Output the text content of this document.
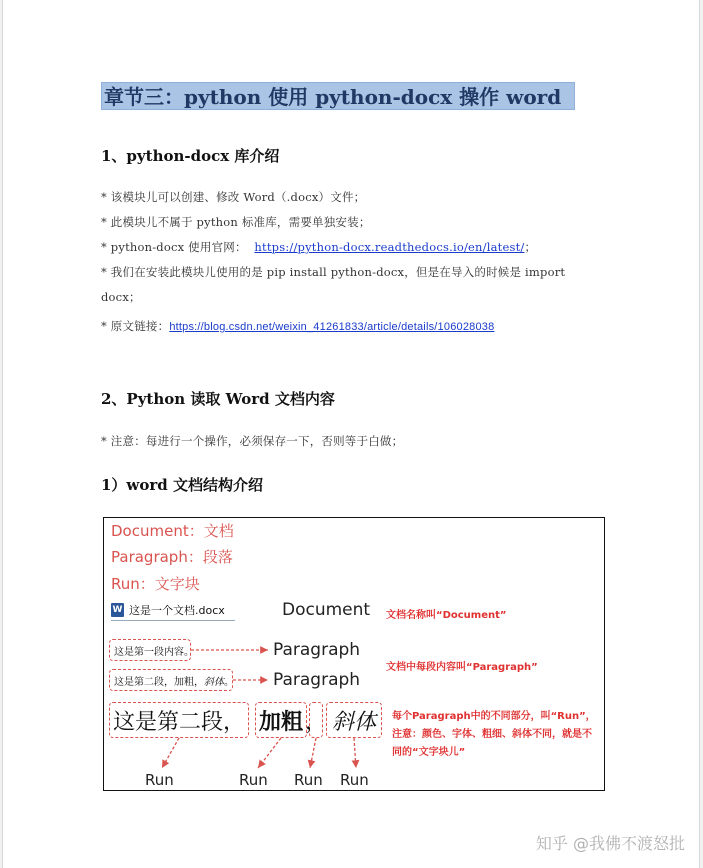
章节三：python 使用 python-docx 操作 word
1、python-docx 库介绍
* 该模块儿可以创建、修改 Word（.docx）文件；
* 此模块儿不属于 python 标准库，需要单独安装；
* python-docx 使用官网： https://python-docx.readthedocs.io/en/latest/；
* 我们在安装此模块儿使用的是 pip install python-docx，但是在导入的时候是 import
docx；
* 原文链接：https://blog.csdn.net/weixin_41261833/article/details/106028038
2、Python 读取 Word 文档内容
* 注意：每进行一个操作，必须保存一下，否则等于白做；
1）word 文档结构介绍
Document：文档
Paragraph：段落
Run：文字块
W 这是一个文档.docx	Document 文档名称叫“Document”
这是第一段内容。	Paragraph
这是第二段，加粗， 斜体 。 Paragraph
文档中每段内容叫“Paragraph”
这是第二段， 加粗 ， 斜体 每个Paragraph中的不同部分，叫“Run”，
注意：颜色、字体、粗细、斜体不同，就是不
同的“文字块儿”
Run	Run Run Run
知乎 @我佛不渡怒批
